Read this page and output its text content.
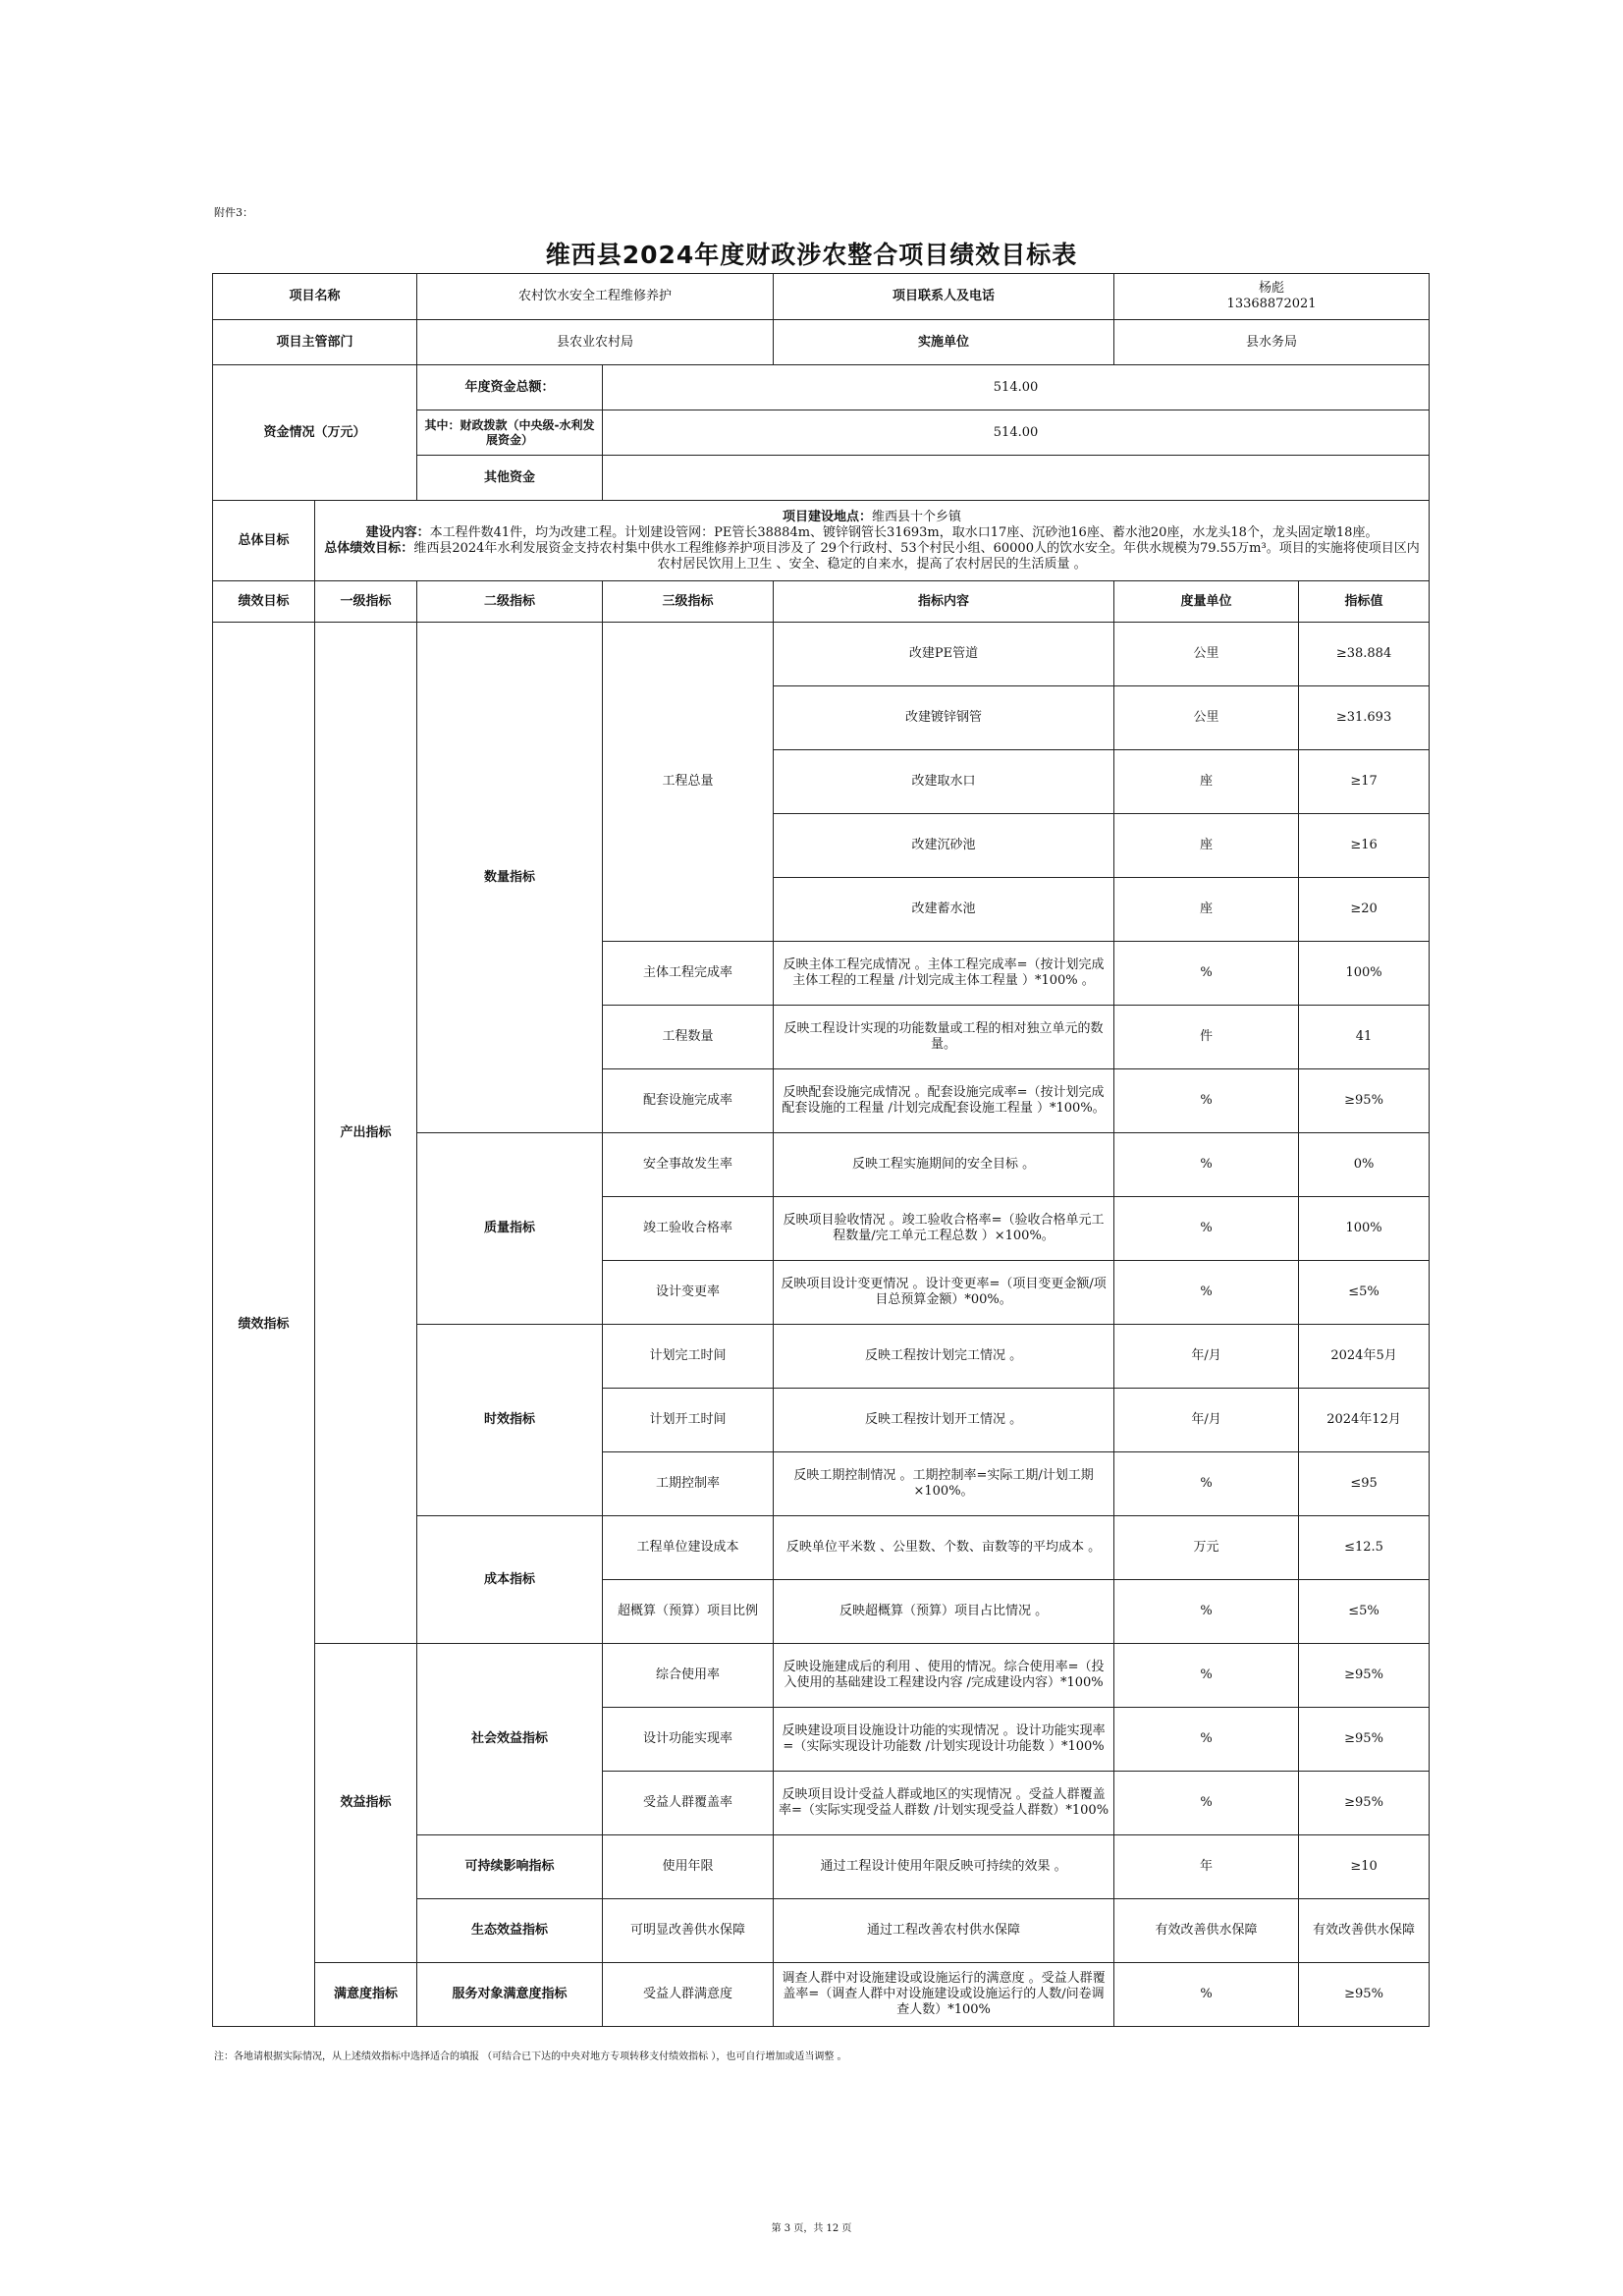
附件3：
维西县2024年度财政涉农整合项目绩效目标表
项目名称		农村饮水安全工程维修养护		项目联系人及电话	杨彪
13368872021	

项目主管部门		县农业农村局		实施单位	县水务局	
资金情况（万元）		年度资金总额：	514.00			
		其中：财政拨款（中央级-水利发展资金）	514.00			
		其他资金				
总体目标	项目建设地点：维西县十个乡镇
建设内容：本工程件数41件，均为改建工程。计划建设管网：PE管长38884m、镀锌钢管长31693m，取水口17座、沉砂池16座、蓄水池20座，水龙头18个，龙头固定墩18座。
总体绩效目标：维西县2024年水利发展资金支持农村集中供水工程维修养护项目涉及了 29个行政村、53个村民小组、60000人的饮水安全。年供水规模为79.55万m³。项目的实施将使项目区内农村居民饮用上卫生 、安全、稳定的自来水，提高了农村居民的生活质量 。					
绩效目标	一级指标	二级指标	三级指标	指标内容	度量单位	指标值
绩效指标	产出指标	数量指标	工程总量	改建PE管道	公里	≥38.884
				改建镀锌钢管	公里	≥31.693
				改建取水口	座	≥17
				改建沉砂池	座	≥16
				改建蓄水池	座	≥20
			主体工程完成率	反映主体工程完成情况 。主体工程完成率=（按计划完成主体工程的工程量 /计划完成主体工程量 ）*100% 。	%	100%
			工程数量	反映工程设计实现的功能数量或工程的相对独立单元的数量。	件	41
			配套设施完成率	反映配套设施完成情况 。配套设施完成率=（按计划完成配套设施的工程量 /计划完成配套设施工程量 ）*100%。	%	≥95%
		质量指标	安全事故发生率	反映工程实施期间的安全目标 。	%	0%
			竣工验收合格率	反映项目验收情况 。竣工验收合格率=（验收合格单元工程数量/完工单元工程总数 ）×100%。	%	100%
			设计变更率	反映项目设计变更情况 。设计变更率=（项目变更金额/项目总预算金额）*00%。	%	≤5%
		时效指标	计划完工时间	反映工程按计划完工情况 。	年/月	2024年5月
			计划开工时间	反映工程按计划开工情况 。	年/月	2024年12月
			工期控制率	反映工期控制情况 。工期控制率=实际工期/计划工期×100%。	%	≤95
		成本指标	工程单位建设成本	反映单位平米数 、公里数、个数、亩数等的平均成本 。	万元	≤12.5
			超概算（预算）项目比例	反映超概算（预算）项目占比情况 。	%	≤5%
	效益指标	社会效益指标	综合使用率	反映设施建成后的利用 、使用的情况。综合使用率=（投入使用的基础建设工程建设内容 /完成建设内容）*100%	%	≥95%
			设计功能实现率	反映建设项目设施设计功能的实现情况 。设计功能实现率=（实际实现设计功能数 /计划实现设计功能数 ）*100%	%	≥95%
			受益人群覆盖率	反映项目设计受益人群或地区的实现情况 。受益人群覆盖率=（实际实现受益人群数 /计划实现受益人群数）*100%	%	≥95%
		可持续影响指标	使用年限	通过工程设计使用年限反映可持续的效果 。	年	≥10
		生态效益指标	可明显改善供水保障	通过工程改善农村供水保障	有效改善供水保障	有效改善供水保障
	满意度指标	服务对象满意度指标	受益人群满意度	调查人群中对设施建设或设施运行的满意度 。受益人群覆盖率=（调查人群中对设施建设或设施运行的人数/问卷调查人数）*100%	%	≥95%
注：各地请根据实际情况，从上述绩效指标中选择适合的填报 （可结合已下达的中央对地方专项转移支付绩效指标 ），也可自行增加或适当调整 。
第 3 页，共 12 页
